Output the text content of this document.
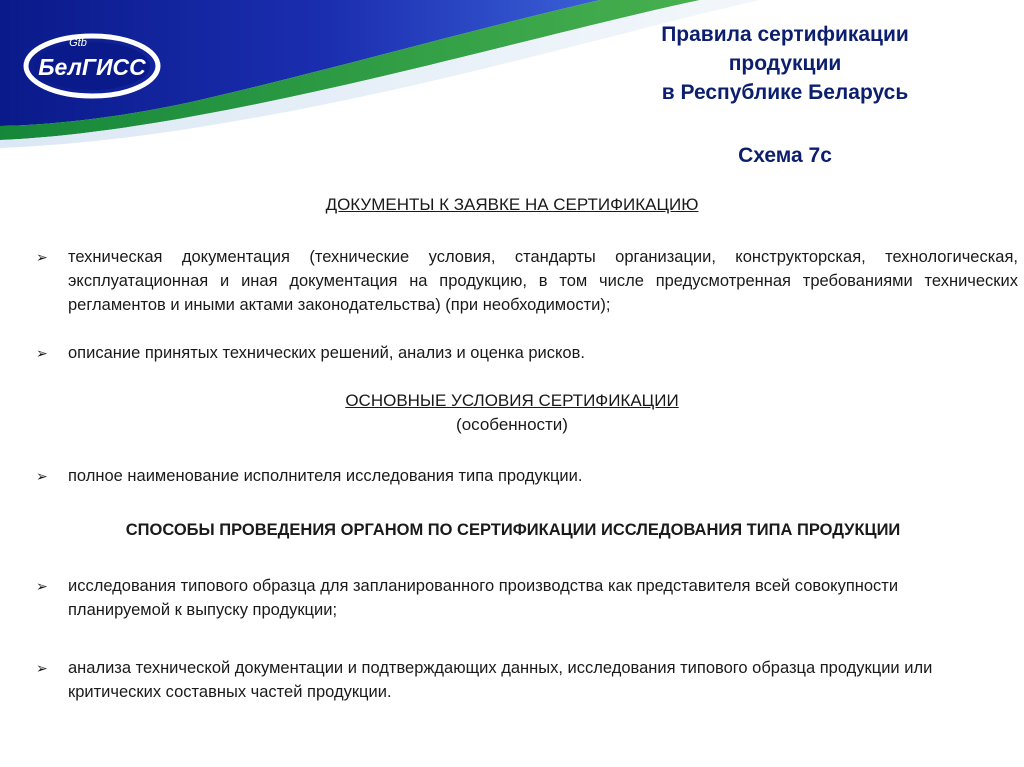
БелГИСС
Gtb	Правила сертификации
продукции
в Республике Беларусь
Схема 7с
ДОКУМЕНТЫ К ЗАЯВКЕ НА СЕРТИФИКАЦИЮ
➢	техническая документация (технические условия, стандарты организации, конструкторская, технологическая, эксплуатационная и иная документация на продукцию, в том числе предусмотренная требованиями технических регламентов и иными актами законодательства) (при необходимости);
➢	описание принятых технических решений, анализ и оценка рисков.
ОСНОВНЫЕ УСЛОВИЯ СЕРТИФИКАЦИИ
(особенности)
➢	полное наименование исполнителя исследования типа продукции.
СПОСОБЫ ПРОВЕДЕНИЯ ОРГАНОМ ПО СЕРТИФИКАЦИИ ИССЛЕДОВАНИЯ ТИПА ПРОДУКЦИИ
➢	исследования типового образца для запланированного производства как представителя всей совокупности планируемой к выпуску продукции;
➢	анализа технической документации и подтверждающих данных, исследования типового образца продукции или критических составных частей продукции.
